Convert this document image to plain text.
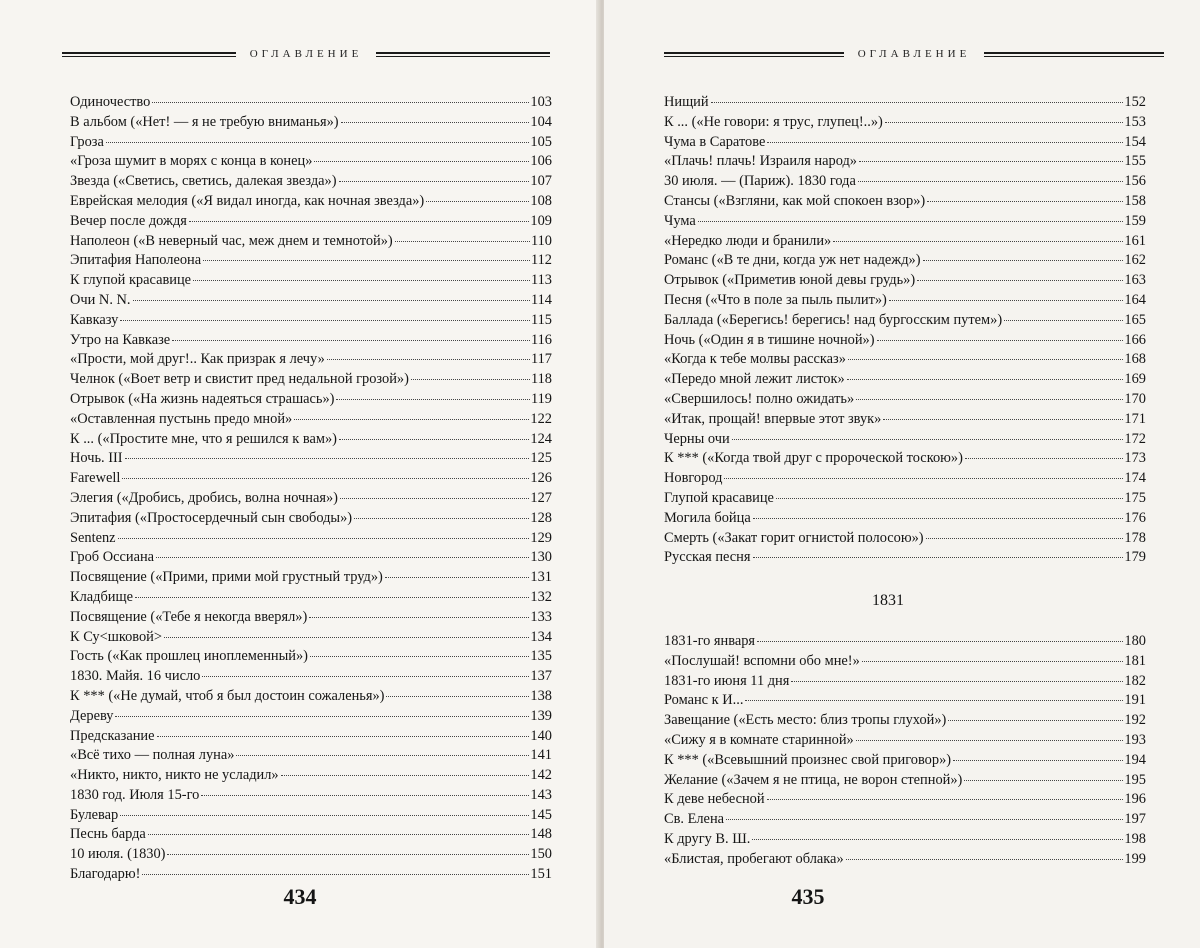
ОГЛАВЛЕНИЕ
Одиночество	103
В альбом («Нет! — я не требую вниманья»)	104
Гроза	105
«Гроза шумит в морях с конца в конец»	106
Звезда («Светись, светись, далекая звезда»)	107
Еврейская мелодия («Я видал иногда, как ночная звезда»)	108
Вечер после дождя	109
Наполеон («В неверный час, меж днем и темнотой»)	110
Эпитафия Наполеона	112
К глупой красавице	113
Очи N. N.	114
Кавказу	115
Утро на Кавказе	116
«Прости, мой друг!.. Как призрак я лечу»	117
Челнок («Воет ветр и свистит пред недальной грозой»)	118
Отрывок («На жизнь надеяться страшась»)	119
«Оставленная пустынь предо мной»	122
К ... («Простите мне, что я решился к вам»)	124
Ночь. III	125
Farewell	126
Элегия («Дробись, дробись, волна ночная»)	127
Эпитафия («Простосердечный сын свободы»)	128
Sentenz	129
Гроб Оссиана	130
Посвящение («Прими, прими мой грустный труд»)	131
Кладбище	132
Посвящение («Тебе я некогда вверял»)	133
К Су<шковой>	134
Гость («Как прошлец иноплеменный»)	135
1830. Майя. 16 число	137
К *** («Не думай, чтоб я был достоин сожаленья»)	138
Дереву	139
Предсказание	140
«Всё тихо — полная луна»	141
«Никто, никто, никто не усладил»	142
1830 год. Июля 15-го	143
Булевар	145
Песнь барда	148
10 июля. (1830)	150
Благодарю!	151
434
ОГЛАВЛЕНИЕ
Нищий	152
К ... («Не говори: я трус, глупец!..»)	153
Чума в Саратове	154
«Плачь! плачь! Израиля народ»	155
30 июля. — (Париж). 1830 года	156
Стансы («Взгляни, как мой спокоен взор»)	158
Чума	159
«Нередко люди и бранили»	161
Романс («В те дни, когда уж нет надежд»)	162
Отрывок («Приметив юной девы грудь»)	163
Песня («Что в поле за пыль пылит»)	164
Баллада («Берегись! берегись! над бургосским путем»)	165
Ночь («Один я в тишине ночной»)	166
«Когда к тебе молвы рассказ»	168
«Передо мной лежит листок»	169
«Свершилось! полно ожидать»	170
«Итак, прощай! впервые этот звук»	171
Черны очи	172
К *** («Когда твой друг с пророческой тоскою»)	173
Новгород	174
Глупой красавице	175
Могила бойца	176
Смерть («Закат горит огнистой полосою»)	178
Русская песня	179
1831
1831-го января	180
«Послушай! вспомни обо мне!»	181
1831-го июня 11 дня	182
Романс к И...	191
Завещание («Есть место: близ тропы глухой»)	192
«Сижу я в комнате старинной»	193
К *** («Всевышний произнес свой приговор»)	194
Желание («Зачем я не птица, не ворон степной»)	195
К деве небесной	196
Св. Елена	197
К другу В. Ш.	198
«Блистая, пробегают облака»	199
435
